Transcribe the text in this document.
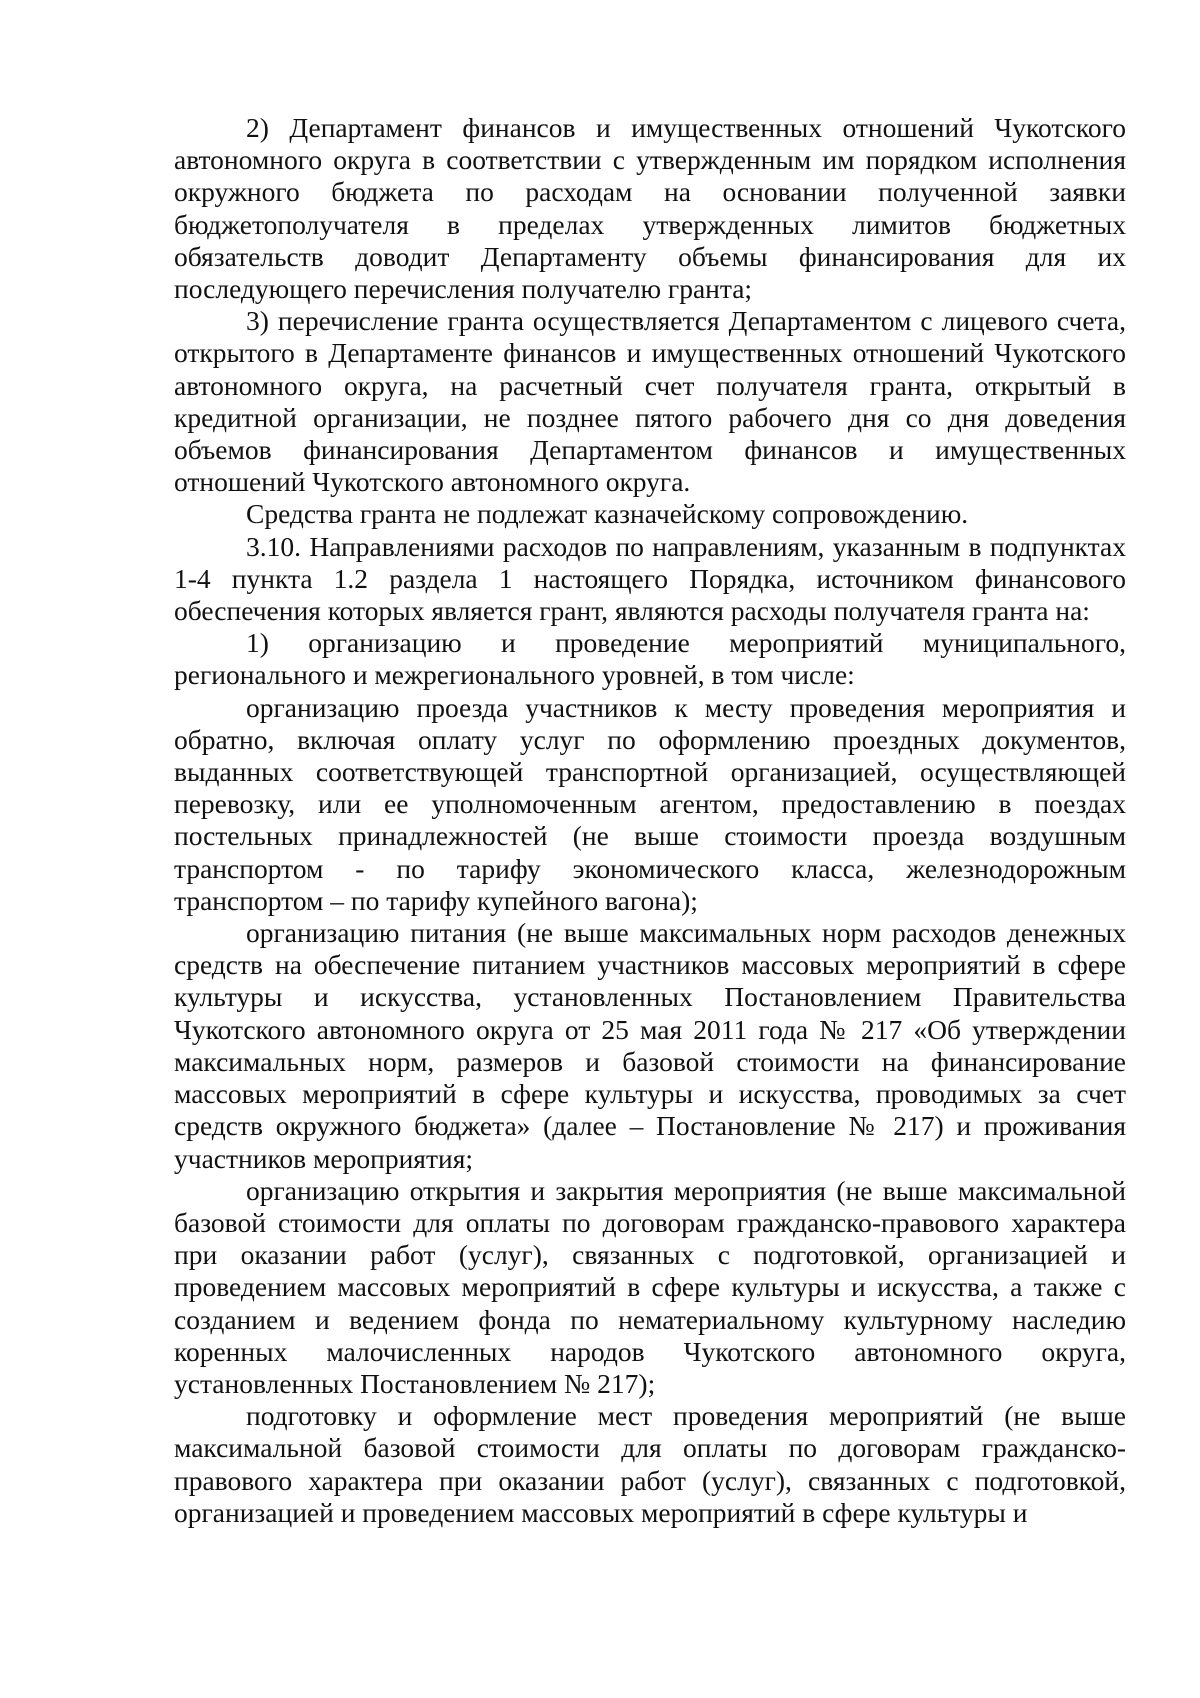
2) Департамент финансов и имущественных отношений Чукотского автономного округа в соответствии с утвержденным им порядком исполнения окружного бюджета по расходам на основании полученной заявки бюджетополучателя в пределах утвержденных лимитов бюджетных обязательств доводит Департаменту объемы финансирования для их последующего перечисления получателю гранта;

3) перечисление гранта осуществляется Департаментом с лицевого счета, открытого в Департаменте финансов и имущественных отношений Чукотского автономного округа, на расчетный счет получателя гранта, открытый в кредитной организации, не позднее пятого рабочего дня со дня доведения объемов финансирования Департаментом финансов и имущественных отношений Чукотского автономного округа.

Средства гранта не подлежат казначейскому сопровождению.

3.10. Направлениями расходов по направлениям, указанным в подпунктах 1-4 пункта 1.2 раздела 1 настоящего Порядка, источником финансового обеспечения которых является грант, являются расходы получателя гранта на:

1) организацию и проведение мероприятий муниципального, регионального и межрегионального уровней, в том числе:

организацию проезда участников к месту проведения мероприятия и обратно, включая оплату услуг по оформлению проездных документов, выданных соответствующей транспортной организацией, осуществляющей перевозку, или ее уполномоченным агентом, предоставлению в поездах постельных принадлежностей (не выше стоимости проезда воздушным транспортом - по тарифу экономического класса, железнодорожным транспортом – по тарифу купейного вагона);

организацию питания (не выше максимальных норм расходов денежных средств на обеспечение питанием участников массовых мероприятий в сфере культуры и искусства, установленных Постановлением Правительства Чукотского автономного округа от 25 мая 2011 года № 217 «Об утверждении максимальных норм, размеров и базовой стоимости на финансирование массовых мероприятий в сфере культуры и искусства, проводимых за счет средств окружного бюджета» (далее – Постановление № 217) и проживания участников мероприятия;

организацию открытия и закрытия мероприятия (не выше максимальной базовой стоимости для оплаты по договорам гражданско-правового характера при оказании работ (услуг), связанных с подготовкой, организацией и проведением массовых мероприятий в сфере культуры и искусства, а также с созданием и ведением фонда по нематериальному культурному наследию коренных малочисленных народов Чукотского автономного округа, установленных Постановлением № 217);

подготовку и оформление мест проведения мероприятий (не выше максимальной базовой стоимости для оплаты по договорам гражданско-правового характера при оказании работ (услуг), связанных с подготовкой, организацией и проведением массовых мероприятий в сфере культуры и
